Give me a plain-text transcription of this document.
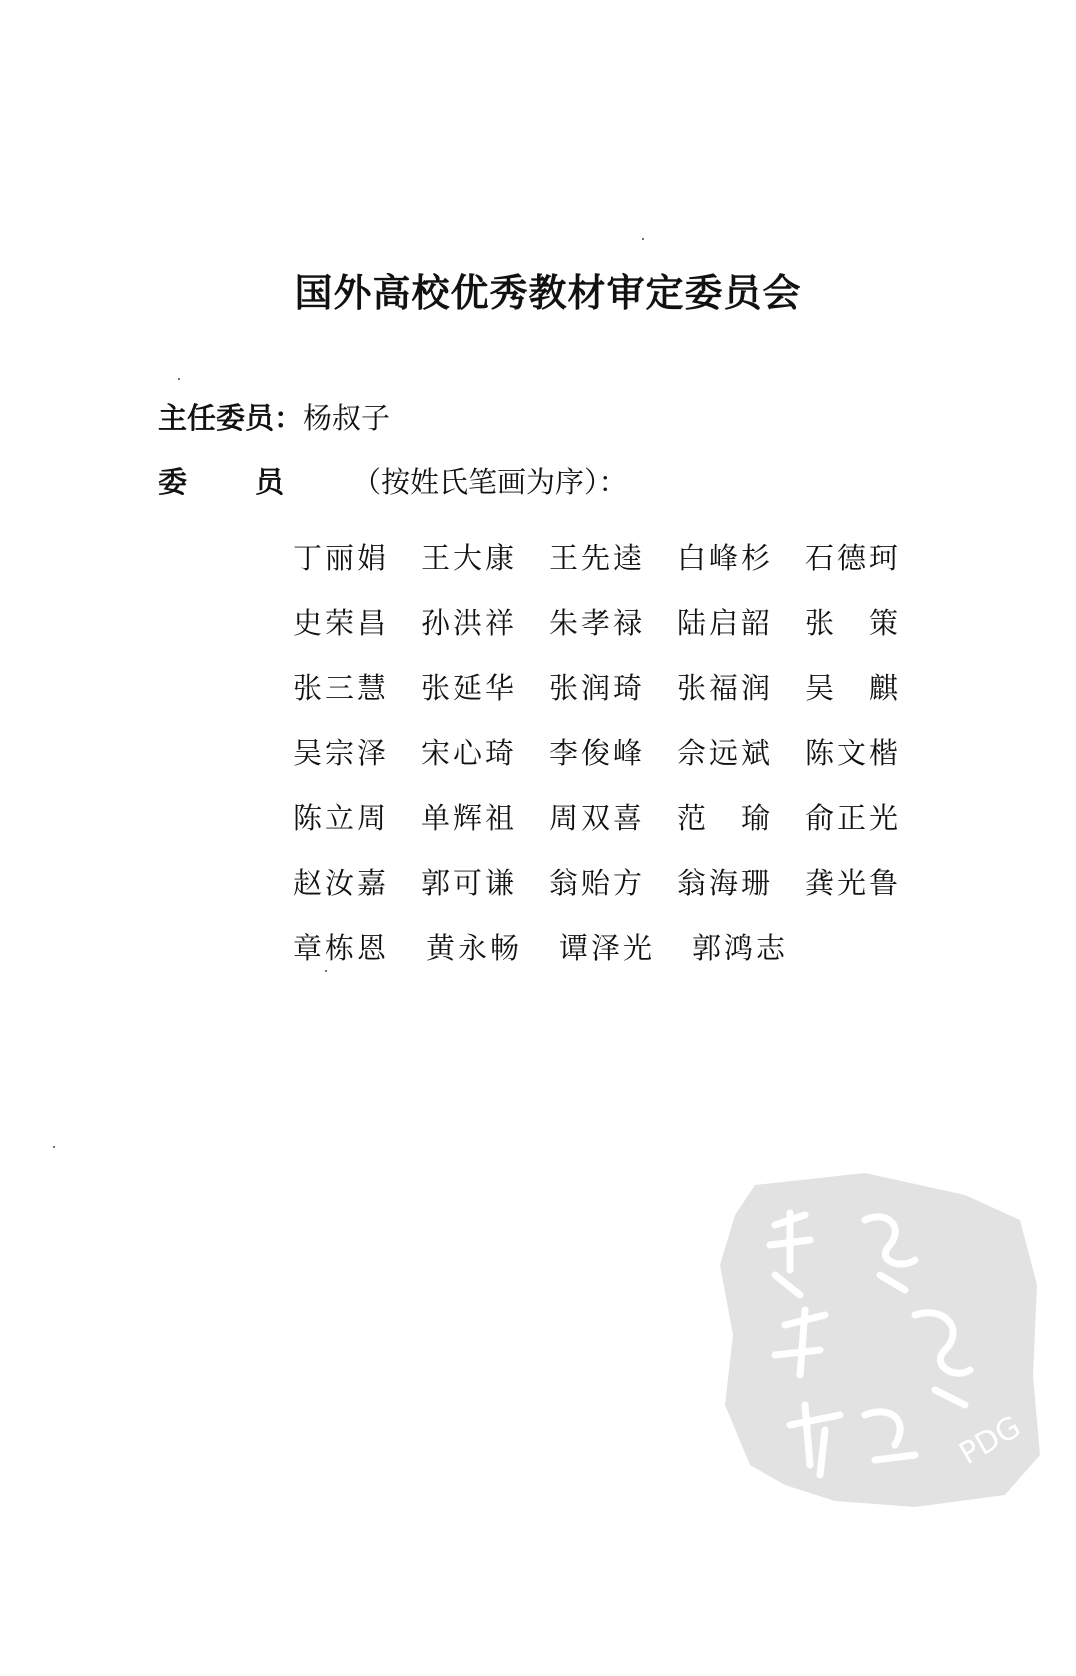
国外高校优秀教材审定委员会
主任委员：杨叔子
委员（按姓氏笔画为序）：
丁丽娟	王大康	王先逵	白峰杉	石德珂
史荣昌	孙洪祥	朱孝禄	陆启韶	张　策
张三慧	张延华	张润琦	张福润	吴　麒
吴宗泽	宋心琦	李俊峰	佘远斌	陈文楷
陈立周	单辉祖	周双喜	范　瑜	俞正光
赵汝嘉	郭可谦	翁贻方	翁海珊	龚光鲁
章栋恩	黄永畅	谭泽光	郭鸿志
PDG
